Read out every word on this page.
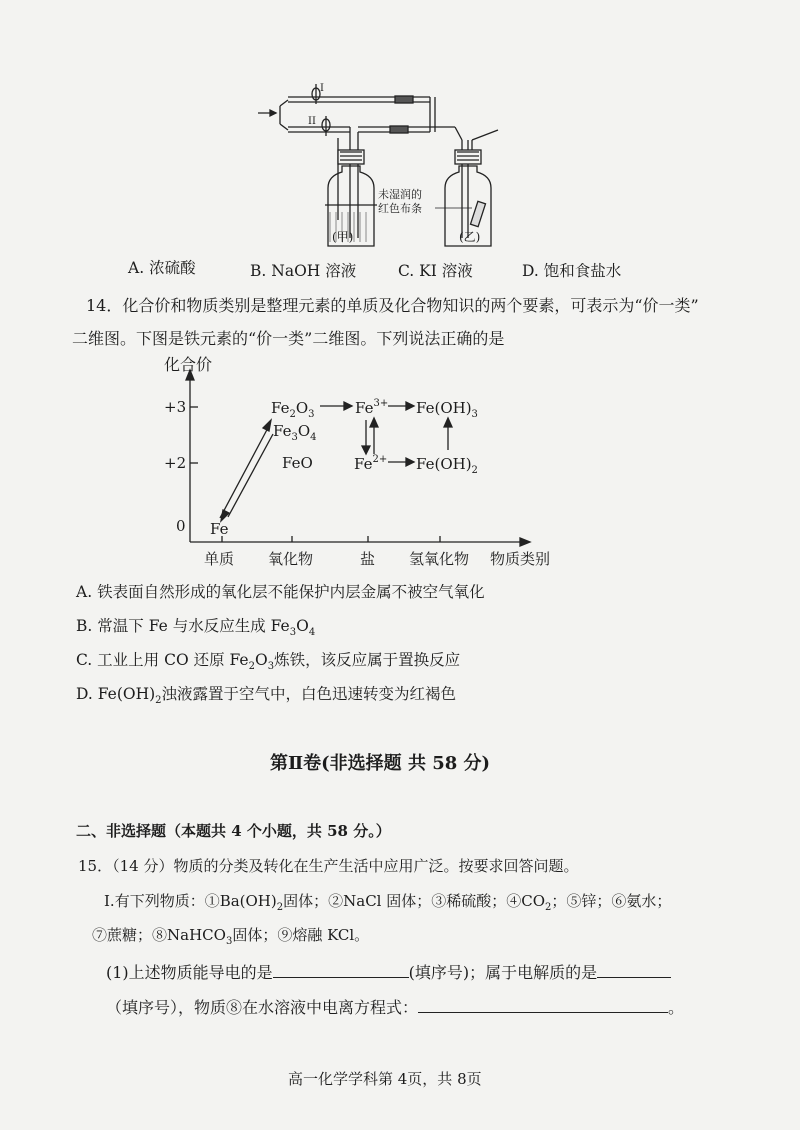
I
II
未湿润的
红色布条
(甲)	(乙)
A. 浓硫酸	B. NaOH 溶液	C. KI 溶液	D. 饱和食盐水
14．化合价和物质类别是整理元素的单质及化合物知识的两个要素，可表示为“价一类”
二维图。下图是铁元素的“价一类”二维图。下列说法正确的是
化合价
+3
+2
0
单质 氧化物	盐 氢氧化物 物质类别
Fe
$Fe_2O_3$
$Fe_3O_4$
FeO
$Fe^{3+}$
$Fe^{2+}$
$Fe(OH)_3$
$Fe(OH)_2$
A. 铁表面自然形成的氧化层不能保护内层金属不被空气氧化
B. 常温下 Fe 与水反应生成 $Fe_3O_4$
C. 工业上用 CO 还原 $Fe_2O_3$炼铁，该反应属于置换反应
D. $Fe(OH)_2$浊液露置于空气中，白色迅速转变为红褐色
第Ⅱ卷(非选择题 共 58 分)
二、非选择题（本题共 4 个小题，共 58 分。）
15．（14 分）物质的分类及转化在生产生活中应用广泛。按要求回答问题。
Ⅰ.有下列物质：$①Ba(OH)_2$固体；②NaCl 固体；③稀硫酸；$④CO_2$；⑤锌；⑥氨水；
⑦蔗糖；⑧NaHCO$_3$固体；⑨熔融 KCl。
(1)上述物质能导电的是	(填序号)；属于电解质的是
（填序号），物质⑧在水溶液中电离方程式：	。
高一化学学科第 4页，共 8页
